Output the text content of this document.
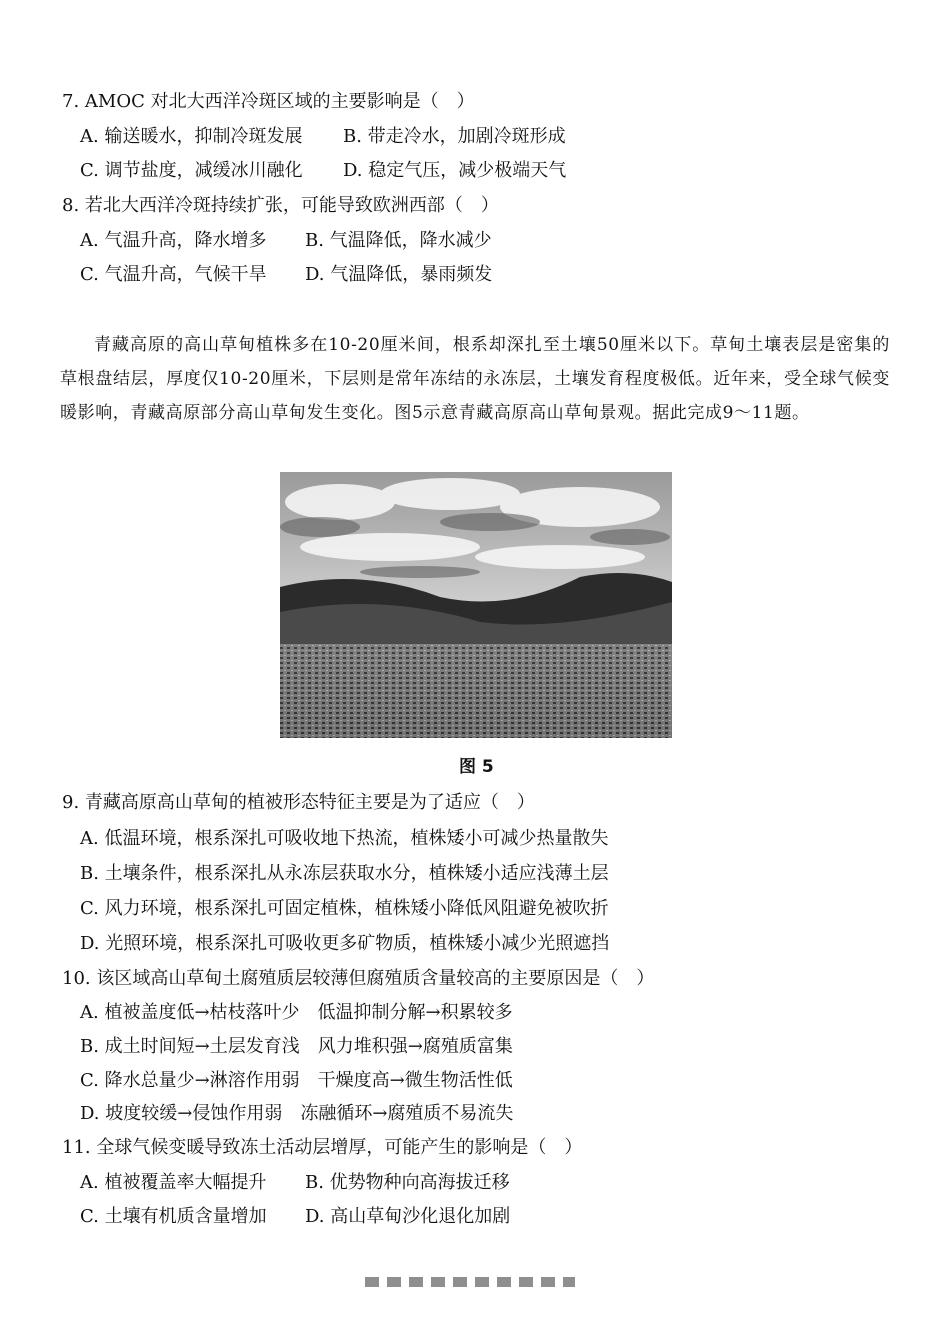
7. AMOC 对北大西洋冷斑区域的主要影响是（　）
A. 输送暖水，抑制冷斑发展 B. 带走冷水，加剧冷斑形成
C. 调节盐度，减缓冰川融化 D. 稳定气压，减少极端天气
8. 若北大西洋冷斑持续扩张，可能导致欧洲西部（　）
A. 气温升高，降水增多 B. 气温降低，降水减少
C. 气温升高，气候干旱 D. 气温降低，暴雨频发
青藏高原的高山草甸植株多在10-20厘米间，根系却深扎至土壤50厘米以下。草甸土壤表层是密集的草根盘结层，厚度仅10-20厘米，下层则是常年冻结的永冻层，土壤发育程度极低。近年来，受全球气候变暖影响，青藏高原部分高山草甸发生变化。图5示意青藏高原高山草甸景观。据此完成9～11题。
图 5
9. 青藏高原高山草甸的植被形态特征主要是为了适应（　）
A. 低温环境，根系深扎可吸收地下热流，植株矮小可减少热量散失
B. 土壤条件，根系深扎从永冻层获取水分，植株矮小适应浅薄土层
C. 风力环境，根系深扎可固定植株，植株矮小降低风阻避免被吹折
D. 光照环境，根系深扎可吸收更多矿物质，植株矮小减少光照遮挡
10. 该区域高山草甸土腐殖质层较薄但腐殖质含量较高的主要原因是（　）
A. 植被盖度低→枯枝落叶少　低温抑制分解→积累较多
B. 成土时间短→土层发育浅　风力堆积强→腐殖质富集
C. 降水总量少→淋溶作用弱　干燥度高→微生物活性低
D. 坡度较缓→侵蚀作用弱　冻融循环→腐殖质不易流失
11. 全球气候变暖导致冻土活动层增厚，可能产生的影响是（　）
A. 植被覆盖率大幅提升 B. 优势物种向高海拔迁移
C. 土壤有机质含量增加 D. 高山草甸沙化退化加剧
